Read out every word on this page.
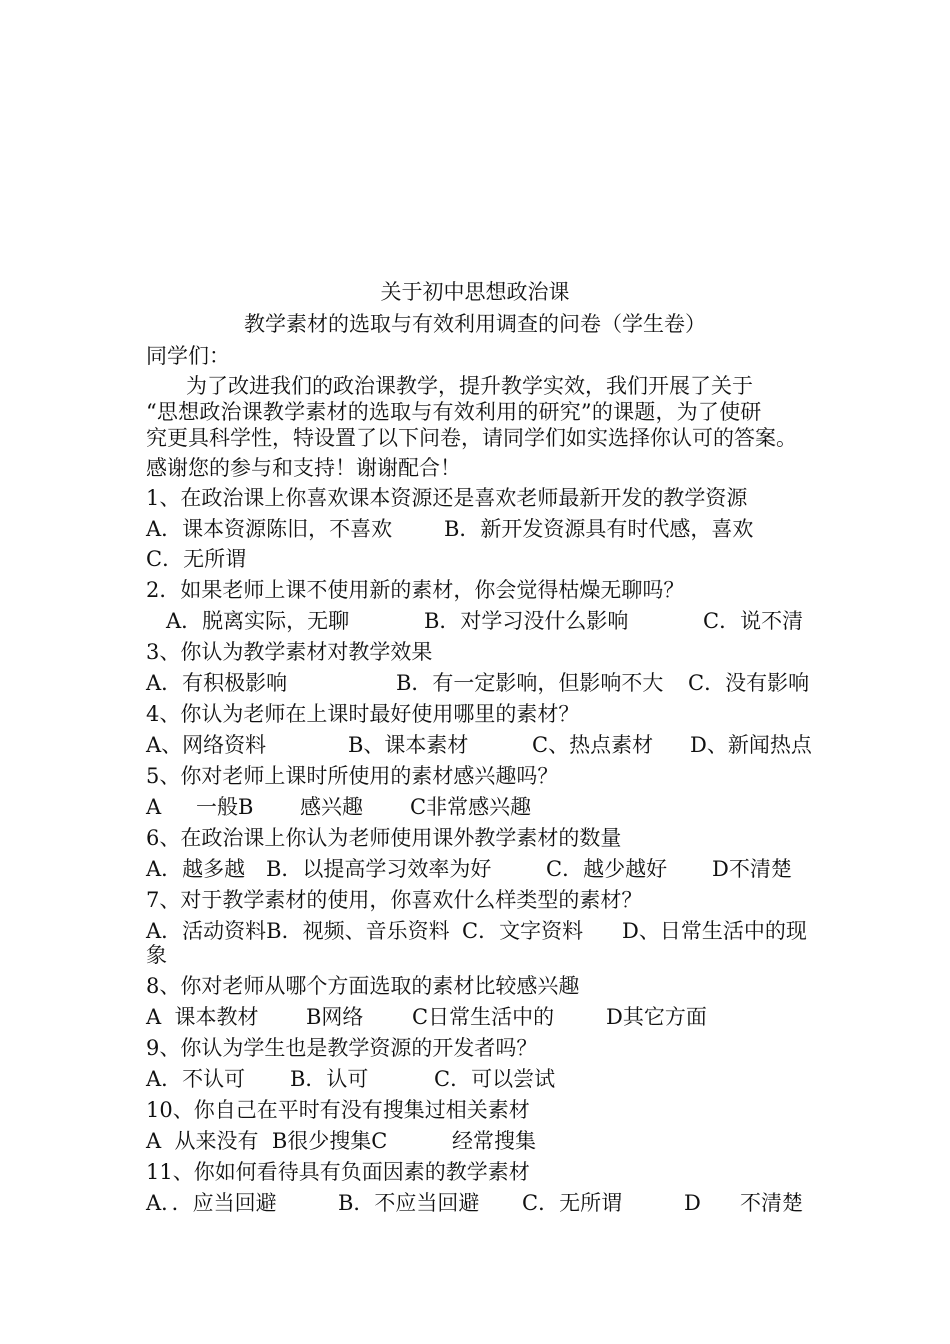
关于初中思想政治课
教学素材的选取与有效利用调查的问卷（学生卷）
同学们：
为了改进我们的政治课教学，提升教学实效，我们开展了关于
“思想政治课教学素材的选取与有效利用的研究”的课题，为了使研
究更具科学性，特设置了以下问卷，请同学们如实选择你认可的答案。
感谢您的参与和支持！谢谢配合！
1、在政治课上你喜欢课本资源还是喜欢老师最新开发的教学资源
A．课本资源陈旧，不喜欢 B．新开发资源具有时代感，喜欢
C．无所谓
2．如果老师上课不使用新的素材，你会觉得枯燥无聊吗？
A．脱离实际，无聊	B．对学习没什么影响	C．说不清
3、你认为教学素材对教学效果
A．有积极影响	B．有一定影响，但影响不大 C．没有影响
4、你认为老师在上课时最好使用哪里的素材？
A、网络资料	B、课本素材	C、热点素材 D、新闻热点
5、你对老师上课时所使用的素材感兴趣吗？
A 一般B 感兴趣 C非常感兴趣
6、在政治课上你认为老师使用课外教学素材的数量
A．越多越 B．以提高学习效率为好	C．越少越好 D不清楚
7、对于教学素材的使用，你喜欢什么样类型的素材？
A．活动资料B．视频、音乐资料 C．文字资料 D、日常生活中的现
象
8、你对老师从哪个方面选取的素材比较感兴趣
A  课本教材 B网络 C日常生活中的 D其它方面
9、你认为学生也是教学资源的开发者吗？
A．不认可 B．认可	C．可以尝试
10、你自己在平时有没有搜集过相关素材
A  从来没有  B很少搜集C	经常搜集
11、你如何看待具有负面因素的教学素材
A．．应当回避	B．不应当回避 C．无所谓	D 不清楚
